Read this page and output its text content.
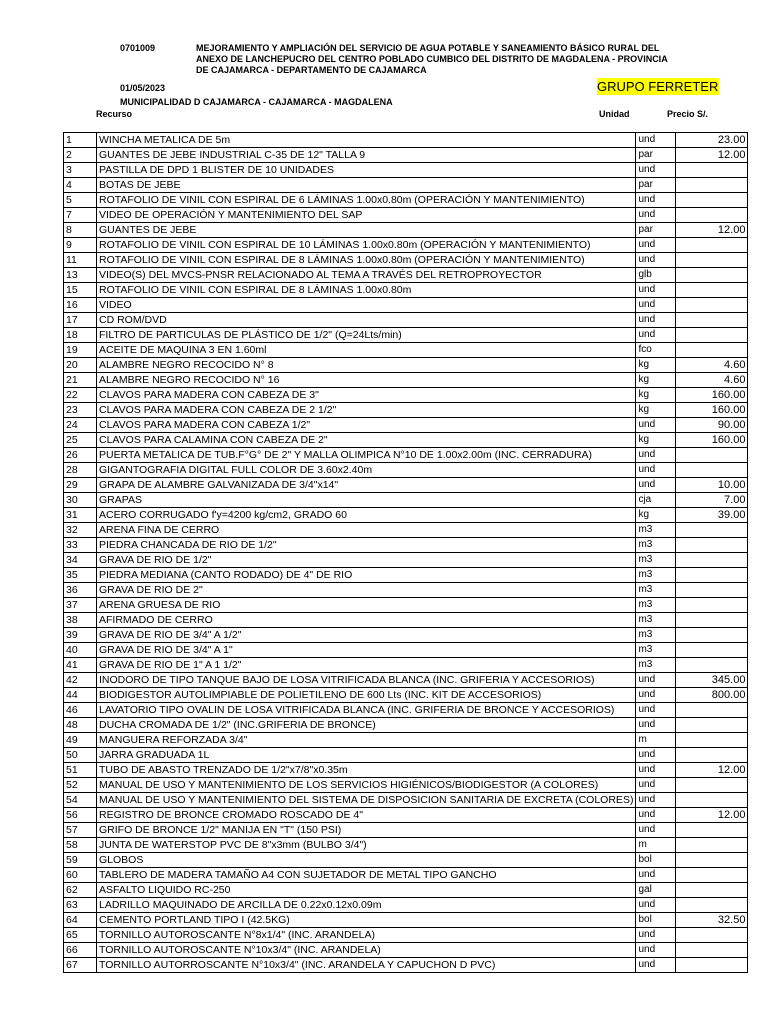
0701009	MEJORAMIENTO Y AMPLIACIÓN DEL SERVICIO DE AGUA POTABLE Y SANEAMIENTO BÁSICO RURAL DEL ANEXO DE LANCHEPUCRO DEL CENTRO POBLADO CUMBICO DEL DISTRITO DE MAGDALENA - PROVINCIA DE CAJAMARCA - DEPARTAMENTO DE CAJAMARCA
01/05/2023
MUNICIPALIDAD D CAJAMARCA - CAJAMARCA - MAGDALENA
GRUPO FERRETER
Recurso	Unidad	Precio S/.
1	WINCHA METALICA DE 5m	und	23.00
2	GUANTES DE JEBE INDUSTRIAL C-35 DE 12" TALLA 9	par	12.00
3	PASTILLA DE DPD 1 BLISTER DE 10 UNIDADES	und	
4	BOTAS DE JEBE	par	
5	ROTAFOLIO DE VINIL CON ESPIRAL DE 6 LÁMINAS 1.00x0.80m (OPERACIÓN Y MANTENIMIENTO)	und	
7	VIDEO DE OPERACIÓN Y MANTENIMIENTO DEL SAP	und	
8	GUANTES DE JEBE	par	12.00
9	ROTAFOLIO DE VINIL CON ESPIRAL DE 10 LÁMINAS 1.00x0.80m (OPERACIÓN Y MANTENIMIENTO)	und	
11	ROTAFOLIO DE VINIL CON ESPIRAL DE 8 LÁMINAS 1.00x0.80m (OPERACIÓN Y MANTENIMIENTO)	und	
13	VIDEO(S) DEL MVCS-PNSR RELACIONADO AL TEMA A TRAVÉS DEL RETROPROYECTOR	glb	
15	ROTAFOLIO DE VINIL CON ESPIRAL DE 8 LÁMINAS 1.00x0.80m	und	
16	VIDEO	und	
17	CD ROM/DVD	und	
18	FILTRO DE PARTICULAS DE PLÁSTICO DE 1/2" (Q=24Lts/min)	und	
19	ACEITE DE MAQUINA 3 EN 1.60ml	fco	
20	ALAMBRE NEGRO RECOCIDO N° 8	kg	4.60
21	ALAMBRE NEGRO RECOCIDO N° 16	kg	4.60
22	CLAVOS PARA MADERA CON CABEZA DE 3"	kg	160.00
23	CLAVOS PARA MADERA CON CABEZA DE 2 1/2"	kg	160.00
24	CLAVOS PARA MADERA CON CABEZA 1/2"	und	90.00
25	CLAVOS PARA CALAMINA CON CABEZA DE 2"	kg	160.00
26	PUERTA METALICA DE TUB.F°G° DE 2" Y MALLA OLIMPICA N°10 DE 1.00x2.00m (INC. CERRADURA)	und	
28	GIGANTOGRAFIA DIGITAL FULL COLOR DE 3.60x2.40m	und	
29	GRAPA DE ALAMBRE GALVANIZADA DE 3/4"x14"	und	10.00
30	GRAPAS	cja	7.00
31	ACERO CORRUGADO f'y=4200 kg/cm2, GRADO 60	kg	39.00
32	ARENA FINA DE CERRO	m3	
33	PIEDRA CHANCADA DE RIO DE 1/2"	m3	
34	GRAVA DE RIO DE 1/2"	m3	
35	PIEDRA MEDIANA (CANTO RODADO) DE 4" DE RIO	m3	
36	GRAVA DE RIO DE 2"	m3	
37	ARENA GRUESA DE RIO	m3	
38	AFIRMADO DE CERRO	m3	
39	GRAVA DE RIO DE 3/4" A 1/2"	m3	
40	GRAVA DE RIO DE 3/4" A 1"	m3	
41	GRAVA DE RIO DE 1" A 1 1/2"	m3	
42	INODORO DE TIPO TANQUE BAJO DE LOSA VITRIFICADA BLANCA (INC. GRIFERIA Y ACCESORIOS)	und	345.00
44	BIODIGESTOR AUTOLIMPIABLE DE POLIETILENO DE 600 Lts (INC. KIT DE ACCESORIOS)	und	800.00
46	LAVATORIO TIPO OVALIN DE LOSA VITRIFICADA BLANCA (INC. GRIFERIA DE BRONCE Y ACCESORIOS)	und	
48	DUCHA CROMADA DE 1/2" (INC.GRIFERIA DE BRONCE)	und	
49	MANGUERA REFORZADA 3/4"	m	
50	JARRA GRADUADA 1L	und	
51	TUBO DE ABASTO TRENZADO DE 1/2"x7/8"x0.35m	und	12.00
52	MANUAL DE USO Y MANTENIMIENTO DE LOS SERVICIOS HIGIÉNICOS/BIODIGESTOR (A COLORES)	und	
54	MANUAL DE USO Y MANTENIMIENTO DEL SISTEMA DE DISPOSICION SANITARIA DE EXCRETA (COLORES)	und	
56	REGISTRO DE BRONCE CROMADO ROSCADO DE 4"	und	12.00
57	GRIFO DE BRONCE 1/2" MANIJA EN "T" (150 PSI)	und	
58	JUNTA DE WATERSTOP PVC DE 8"x3mm (BULBO 3/4")	m	
59	GLOBOS	bol	
60	TABLERO DE MADERA TAMAÑO A4 CON SUJETADOR DE METAL TIPO GANCHO	und	
62	ASFALTO LIQUIDO RC-250	gal	
63	LADRILLO MAQUINADO DE ARCILLA DE 0.22x0.12x0.09m	und	
64	CEMENTO PORTLAND TIPO I (42.5KG)	bol	32.50
65	TORNILLO AUTOROSCANTE N°8x1/4" (INC. ARANDELA)	und	
66	TORNILLO AUTOROSCANTE N°10x3/4" (INC. ARANDELA)	und	
67	TORNILLO AUTORROSCANTE N°10x3/4" (INC. ARANDELA Y CAPUCHON D PVC)	und	
